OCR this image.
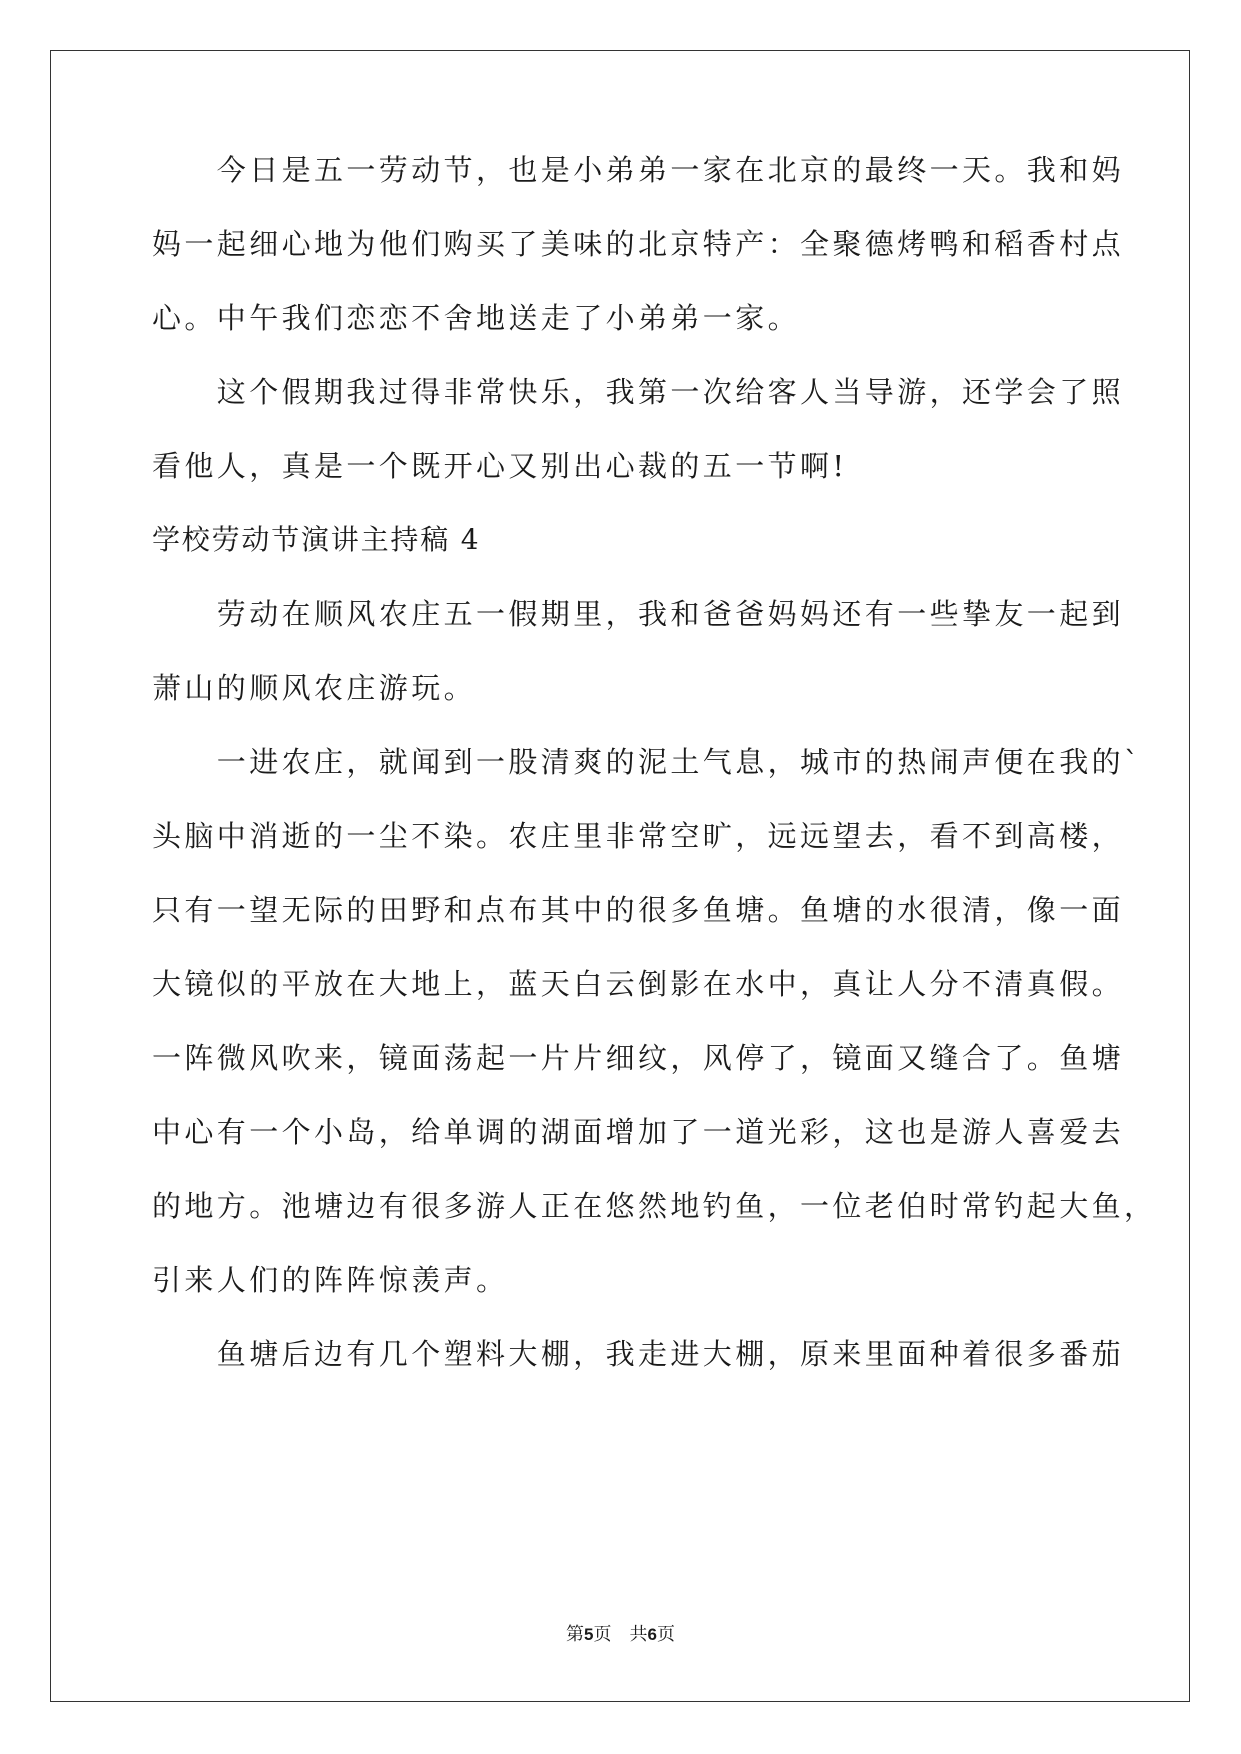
　　今日是五一劳动节，也是小弟弟一家在北京的最终一天。我和妈
妈一起细心地为他们购买了美味的北京特产：全聚德烤鸭和稻香村点
心。中午我们恋恋不舍地送走了小弟弟一家。
　　这个假期我过得非常快乐，我第一次给客人当导游，还学会了照
看他人，真是一个既开心又别出心裁的五一节啊!
学校劳动节演讲主持稿 4
　　劳动在顺风农庄五一假期里，我和爸爸妈妈还有一些挚友一起到
萧山的顺风农庄游玩。
　　一进农庄，就闻到一股清爽的泥土气息，城市的热闹声便在我的`
头脑中消逝的一尘不染。农庄里非常空旷，远远望去，看不到高楼，
只有一望无际的田野和点布其中的很多鱼塘。鱼塘的水很清，像一面
大镜似的平放在大地上，蓝天白云倒影在水中，真让人分不清真假。
一阵微风吹来，镜面荡起一片片细纹，风停了，镜面又缝合了。鱼塘
中心有一个小岛，给单调的湖面增加了一道光彩，这也是游人喜爱去
的地方。池塘边有很多游人正在悠然地钓鱼，一位老伯时常钓起大鱼，
引来人们的阵阵惊羡声。
　　鱼塘后边有几个塑料大棚，我走进大棚，原来里面种着很多番茄
第5页 共6页
